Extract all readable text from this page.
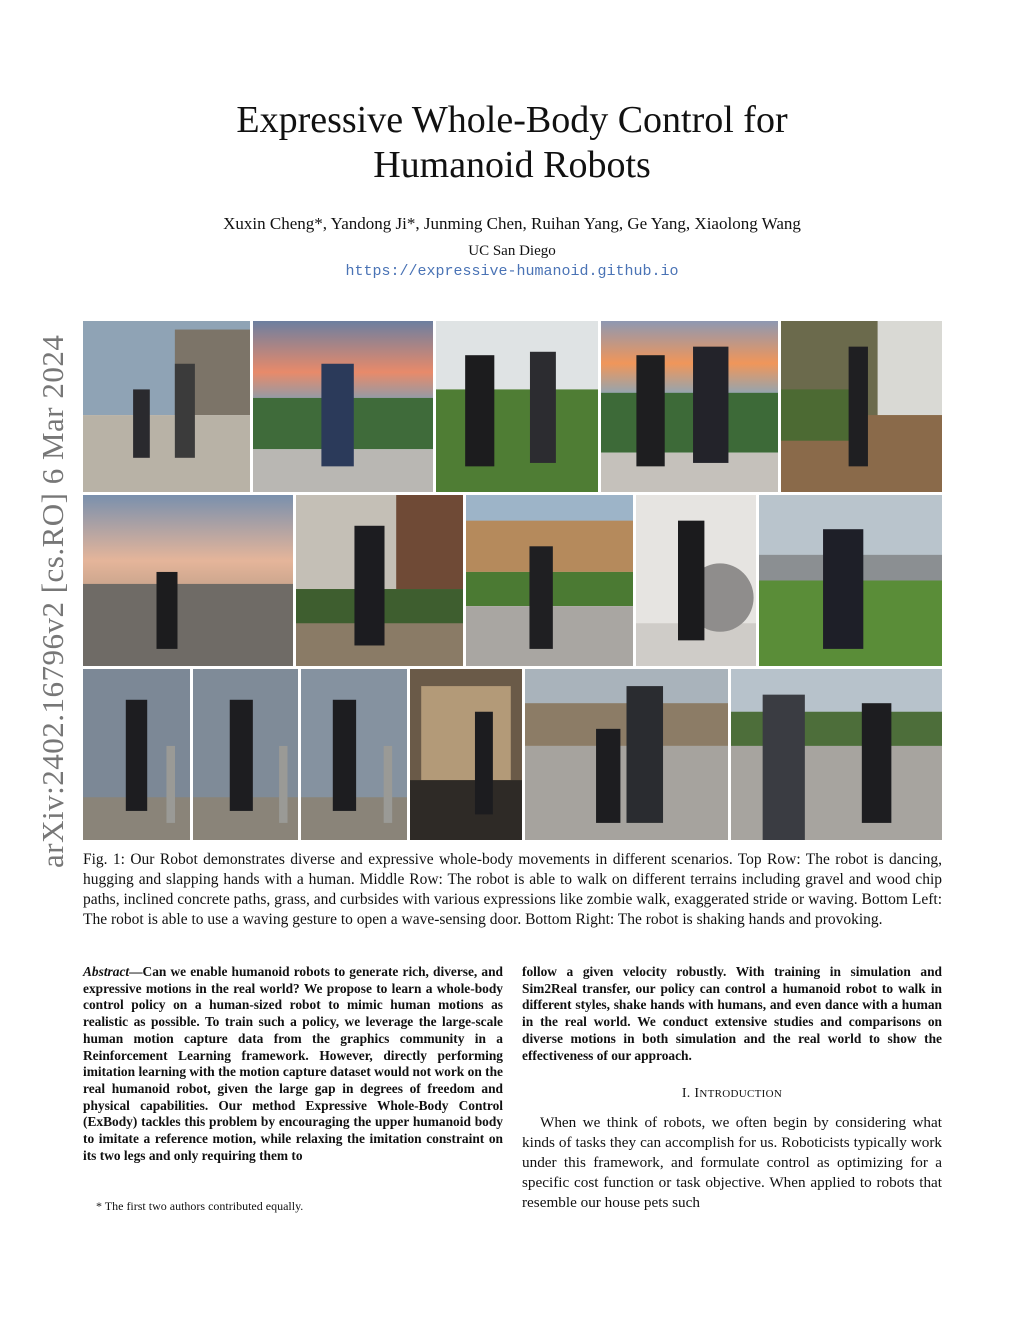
arXiv:2402.16796v2 [cs.RO] 6 Mar 2024
Expressive Whole-Body Control for
Humanoid Robots
Xuxin Cheng*, Yandong Ji*, Junming Chen, Ruihan Yang, Ge Yang, Xiaolong Wang
UC San Diego
https://expressive-humanoid.github.io
Fig. 1: Our Robot demonstrates diverse and expressive whole-body movements in different scenarios. Top Row: The robot is dancing, hugging and slapping hands with a human. Middle Row: The robot is able to walk on different terrains including gravel and wood chip paths, inclined concrete paths, grass, and curbsides with various expressions like zombie walk, exaggerated stride or waving. Bottom Left: The robot is able to use a waving gesture to open a wave-sensing door. Bottom Right: The robot is shaking hands and provoking.
Abstract—Can we enable humanoid robots to generate rich, diverse, and expressive motions in the real world? We propose to learn a whole-body control policy on a human-sized robot to mimic human motions as realistic as possible. To train such a policy, we leverage the large-scale human motion capture data from the graphics community in a Reinforcement Learning framework. However, directly performing imitation learning with the motion capture dataset would not work on the real humanoid robot, given the large gap in degrees of freedom and physical capabilities. Our method Expressive Whole-Body Control (ExBody) tackles this problem by encouraging the upper humanoid body to imitate a reference motion, while relaxing the imitation constraint on its two legs and only requiring them to
follow a given velocity robustly. With training in simulation and Sim2Real transfer, our policy can control a humanoid robot to walk in different styles, shake hands with humans, and even dance with a human in the real world. We conduct extensive studies and comparisons on diverse motions in both simulation and the real world to show the effectiveness of our approach.
I. INTRODUCTION
When we think of robots, we often begin by considering what kinds of tasks they can accomplish for us. Roboticists typically work under this framework, and formulate control as optimizing for a specific cost function or task objective. When applied to robots that resemble our house pets such
* The first two authors contributed equally.
